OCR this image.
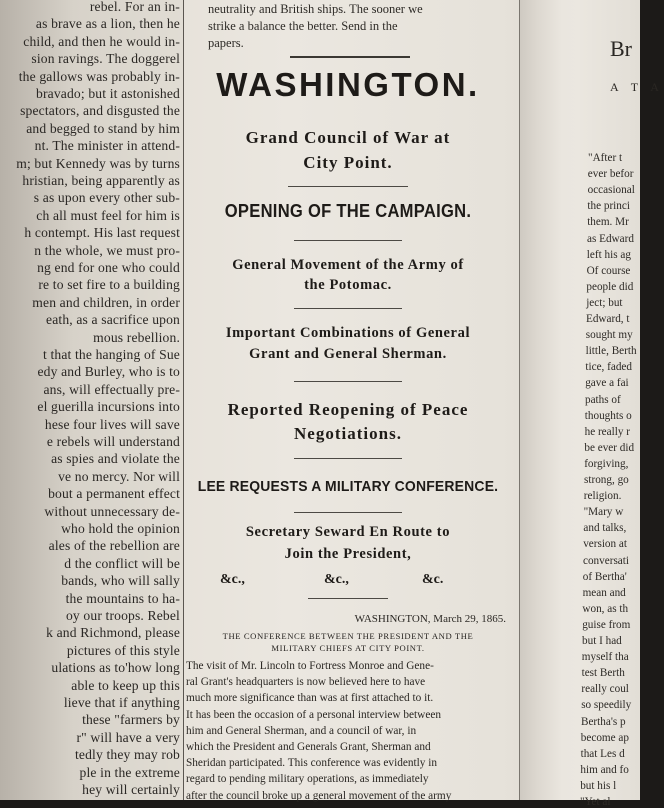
rebel. For an in-

as brave as a lion, then he

child, and then he would in-

sion ravings. The doggerel

the gallows was probably in-

bravado; but it astonished

spectators, and disgusted the

and begged to stand by him

nt. The minister in attend-

m; but Kennedy was by turns

hristian, being apparently as

s as upon every other sub-

ch all must feel for him is

h contempt. His last request

n the whole, we must pro-

ng end for one who could

re to set fire to a building

men and children, in order

eath, as a sacrifice upon

mous rebellion.

t that the hanging of Sue

edy and Burley, who is to

ans, will effectually pre-

el guerilla incursions into

hese four lives will save

e rebels will understand

as spies and violate the

ve no mercy. Nor will

bout a permanent effect

without unnecessary de-

who hold the opinion

ales of the rebellion are

d the conflict will be

bands, who will sally

the mountains to ha-

oy our troops. Rebel

k and Richmond, please

pictures of this style

ulations as to'how long

able to keep up this

lieve that if anything

these "farmers by

r" will have a very

tedly they may rob

ple in the extreme

hey will certainly

neutrality and British ships. The sooner we
strike a balance the better. Send in the
papers.
WASHINGTON.
Grand Council of War at
City Point.
OPENING OF THE CAMPAIGN.
General Movement of the Army of
the Potomac.
Important Combinations of General
Grant and General Sherman.
Reported Reopening of Peace
Negotiations.
LEE REQUESTS A MILITARY CONFERENCE.
Secretary Seward En Route to
Join the President,
&c.,	&c.,	&c.
WASHINGTON, March 29, 1865.
THE CONFERENCE BETWEEN THE PRESIDENT AND THE
MILITARY CHIEFS AT CITY POINT.
The visit of Mr. Lincoln to Fortress Monroe and Gene-
ral Grant's headquarters is now believed here to have
much more significance than was at first attached to it.
It has been the occasion of a personal interview between
him and General Sherman, and a council of war, in
which the President and Generals Grant, Sherman and
Sheridan participated. This conference was evidently in
regard to pending military operations, as immediately
after the council broke up a general movement of the army
Br
A T A

"After t

ever befor

occasional

the princi

them. Mr

as Edward

left his ag

Of course

people did

ject; but

Edward, t

sought my

little, Berth

tice, faded

gave a fai

paths of

thoughts o

he really r

be ever did

forgiving,

strong, go

religion.

"Mary w

and talks,

version at

conversati

of Bertha'

mean and

won, as th

guise from

but I had

myself tha

test Berth

really coul

so speedily

Bertha's p

become ap

that Les d

him and fo

but his l

"Yet al
